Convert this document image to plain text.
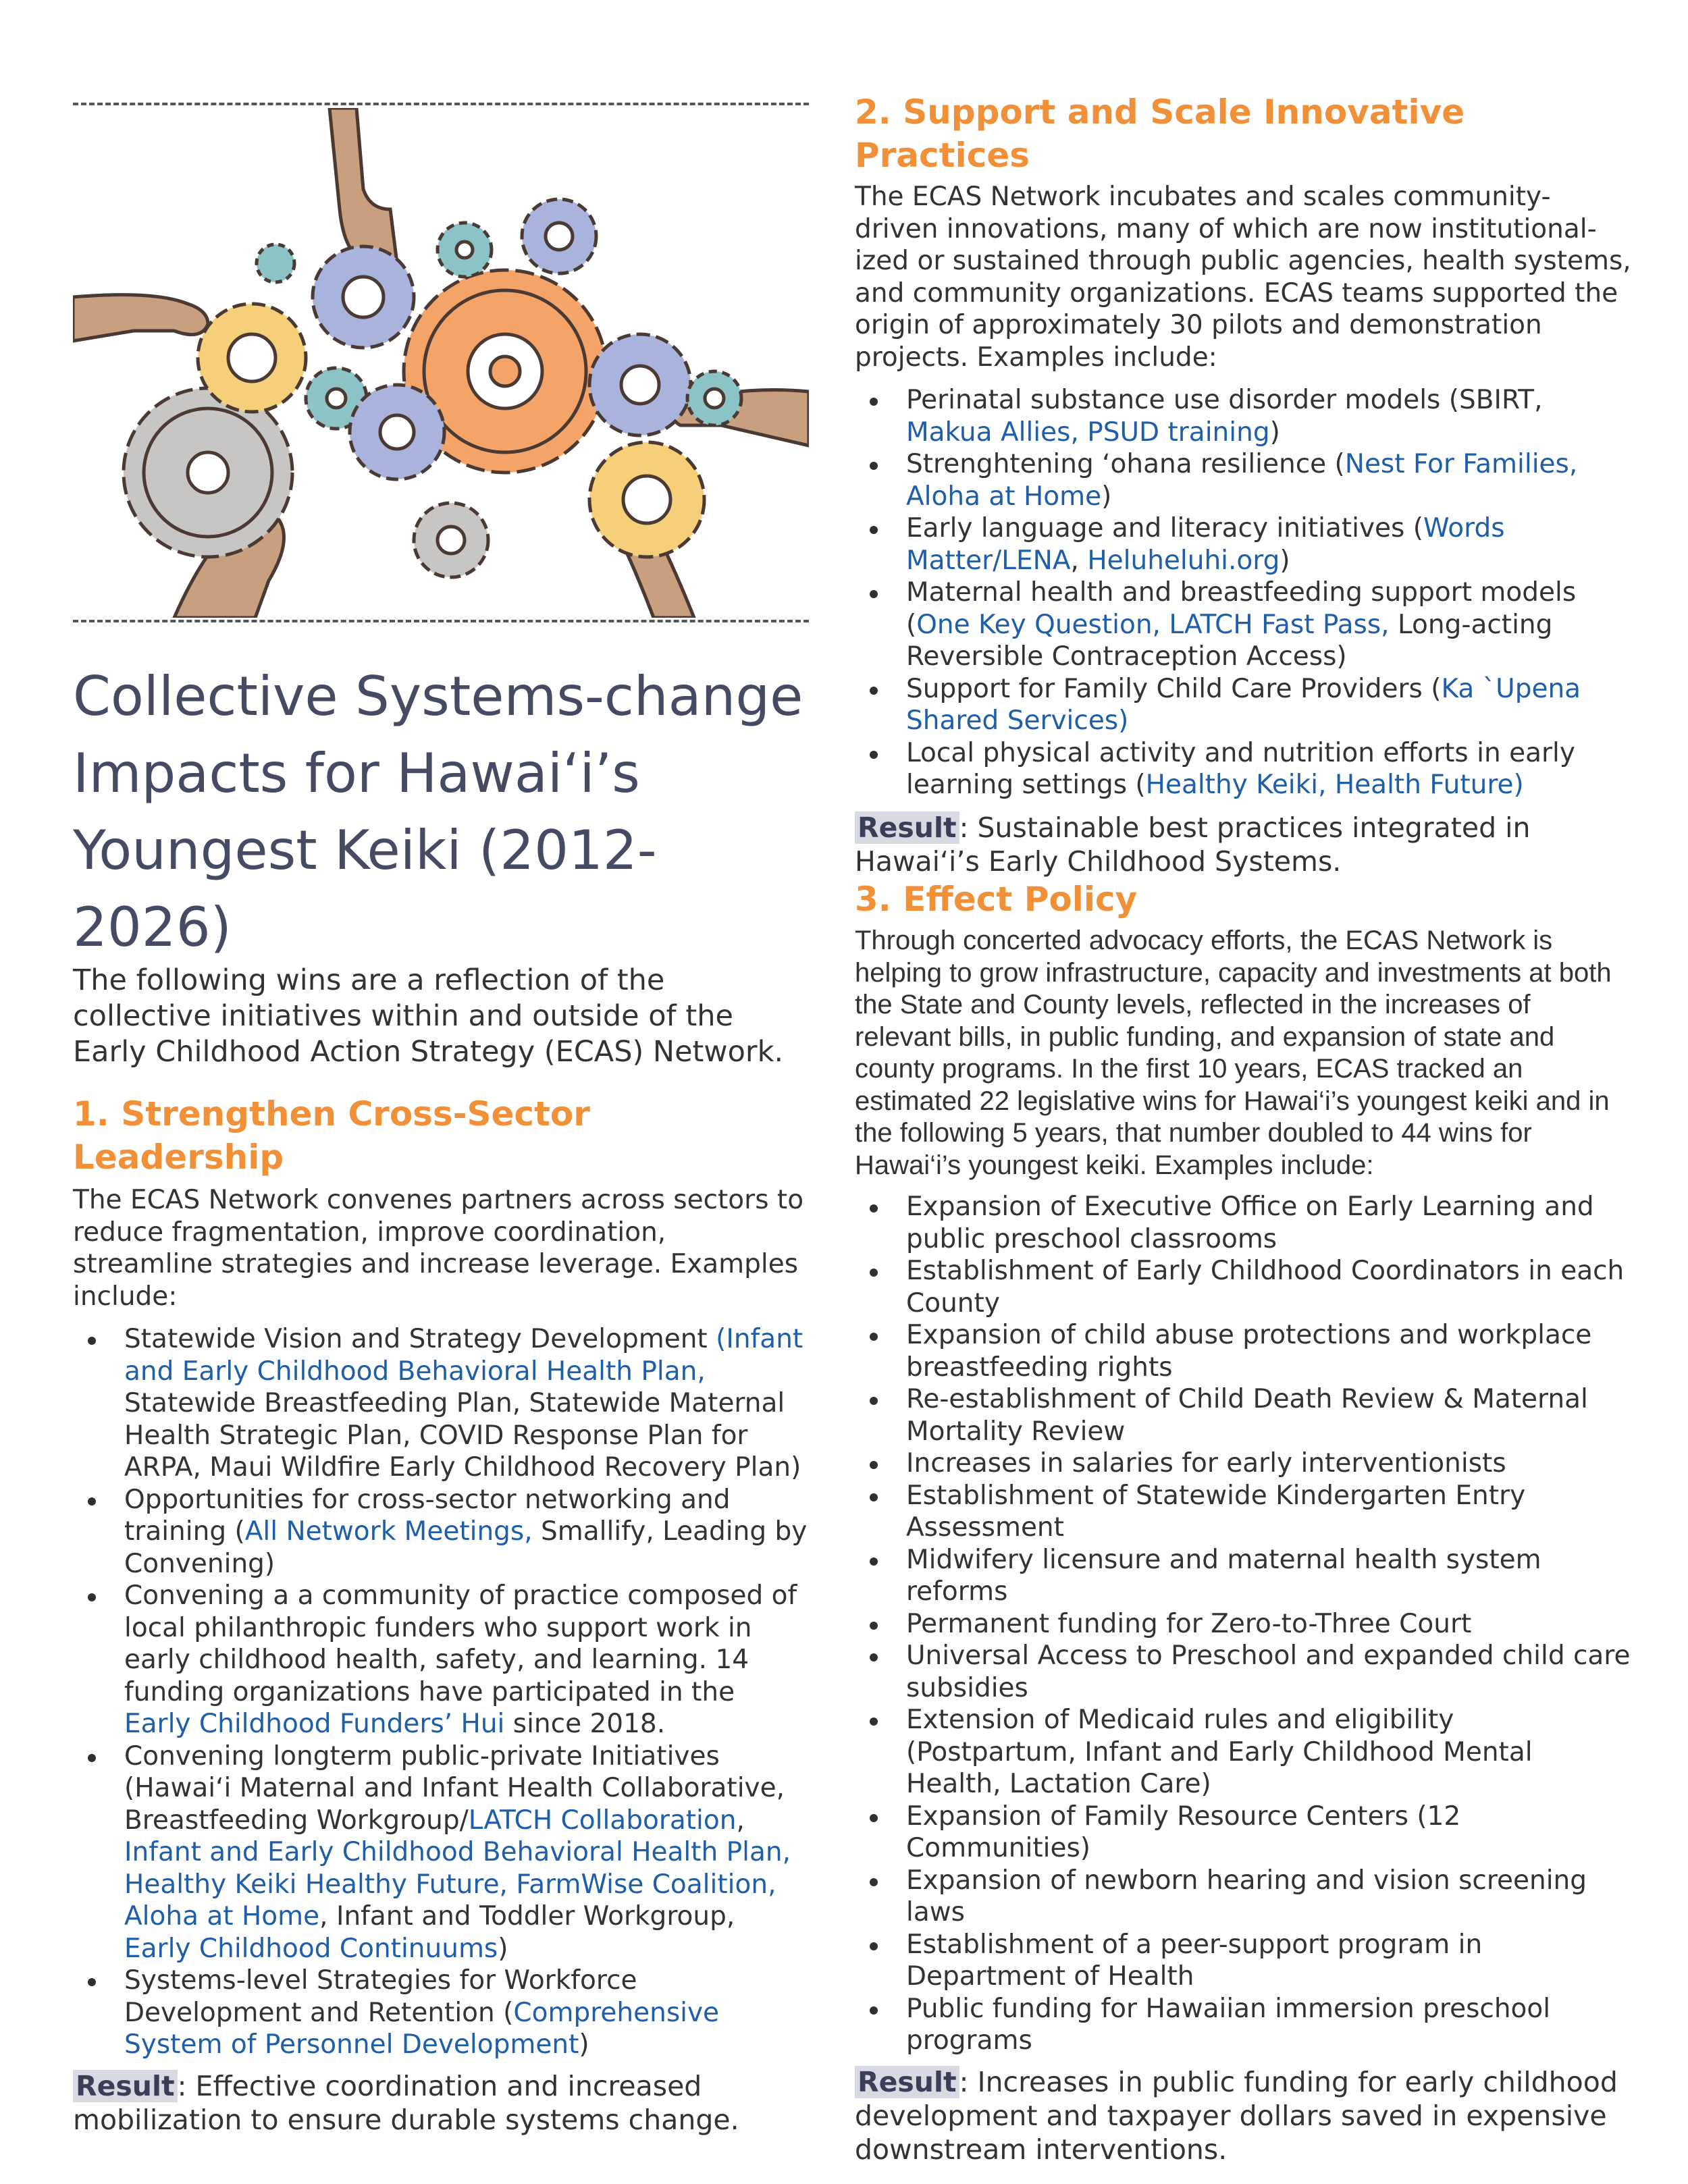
Collective Systems-change Impacts for Hawai‘i’s Youngest Keiki (2012-2026)

The following wins are a reflection of the collective initiatives within and outside of the Early Childhood Action Strategy (ECAS) Network.

1. Strengthen Cross-Sector Leadership

The ECAS Network convenes partners across sectors to reduce fragmentation, improve coordination, streamline strategies and increase leverage. Examples include:

Statewide Vision and Strategy Development (Infant and Early Childhood Behavioral Health Plan, Statewide Breastfeeding Plan, Statewide Maternal Health Strategic Plan, COVID Response Plan for ARPA, Maui Wildfire Early Childhood Recovery Plan)
Opportunities for cross-sector networking and training (All Network Meetings, Smallify, Leading by Convening)
Convening a a community of practice composed of local philanthropic funders who support work in early childhood health, safety, and learning. 14 funding organizations have participated in the Early Childhood Funders’ Hui since 2018.
Convening longterm public-private Initiatives (Hawai‘i Maternal and Infant Health Collaborative, Breastfeeding Workgroup/LATCH Collaboration, Infant and Early Childhood Behavioral Health Plan, Healthy Keiki Healthy Future, FarmWise Coalition, Aloha at Home, Infant and Toddler Workgroup, Early Childhood Continuums)
Systems-level Strategies for Workforce Development and Retention (Comprehensive System of Personnel Development)

Result: Effective coordination and increased mobilization to ensure durable systems change.

2. Support and Scale Innovative Practices

The ECAS Network incubates and scales community-driven innovations, many of which are now institutional-ized or sustained through public agencies, health systems, and community organizations. ECAS teams supported the origin of approximately 30 pilots and demonstration projects. Examples include:

Perinatal substance use disorder models (SBIRT, Makua Allies, PSUD training)
Strenghtening ‘ohana resilience (Nest For Families, Aloha at Home)
Early language and literacy initiatives (Words Matter/LENA, Heluheluhi.org)
Maternal health and breastfeeding support models (One Key Question, LATCH Fast Pass, Long-acting Reversible Contraception Access)
Support for Family Child Care Providers (Ka `Upena Shared Services)
Local physical activity and nutrition efforts in early learning settings (Healthy Keiki, Health Future)

Result: Sustainable best practices integrated in Hawai‘i’s Early Childhood Systems.

3. Effect Policy

Through concerted advocacy efforts, the ECAS Network is helping to grow infrastructure, capacity and investments at both the State and County levels, reflected in the increases of relevant bills, in public funding, and expansion of state and county programs. In the first 10 years, ECAS tracked an estimated 22 legislative wins for Hawai‘i’s youngest keiki and in the following 5 years, that number doubled to 44 wins for Hawai‘i’s youngest keiki. Examples include:

Expansion of Executive Office on Early Learning and public preschool classrooms
Establishment of Early Childhood Coordinators in each County
Expansion of child abuse protections and workplace breastfeeding rights
Re-establishment of Child Death Review & Maternal Mortality Review
Increases in salaries for early interventionists
Establishment of Statewide Kindergarten Entry Assessment
Midwifery licensure and maternal health system reforms
Permanent funding for Zero-to-Three Court
Universal Access to Preschool and expanded child care subsidies
Extension of Medicaid rules and eligibility (Postpartum, Infant and Early Childhood Mental Health, Lactation Care)
Expansion of Family Resource Centers (12 Communities)
Expansion of newborn hearing and vision screening laws
Establishment of a peer-support program in Department of Health
Public funding for Hawaiian immersion preschool programs

Result: Increases in public funding for early childhood development and taxpayer dollars saved in expensive downstream interventions.
